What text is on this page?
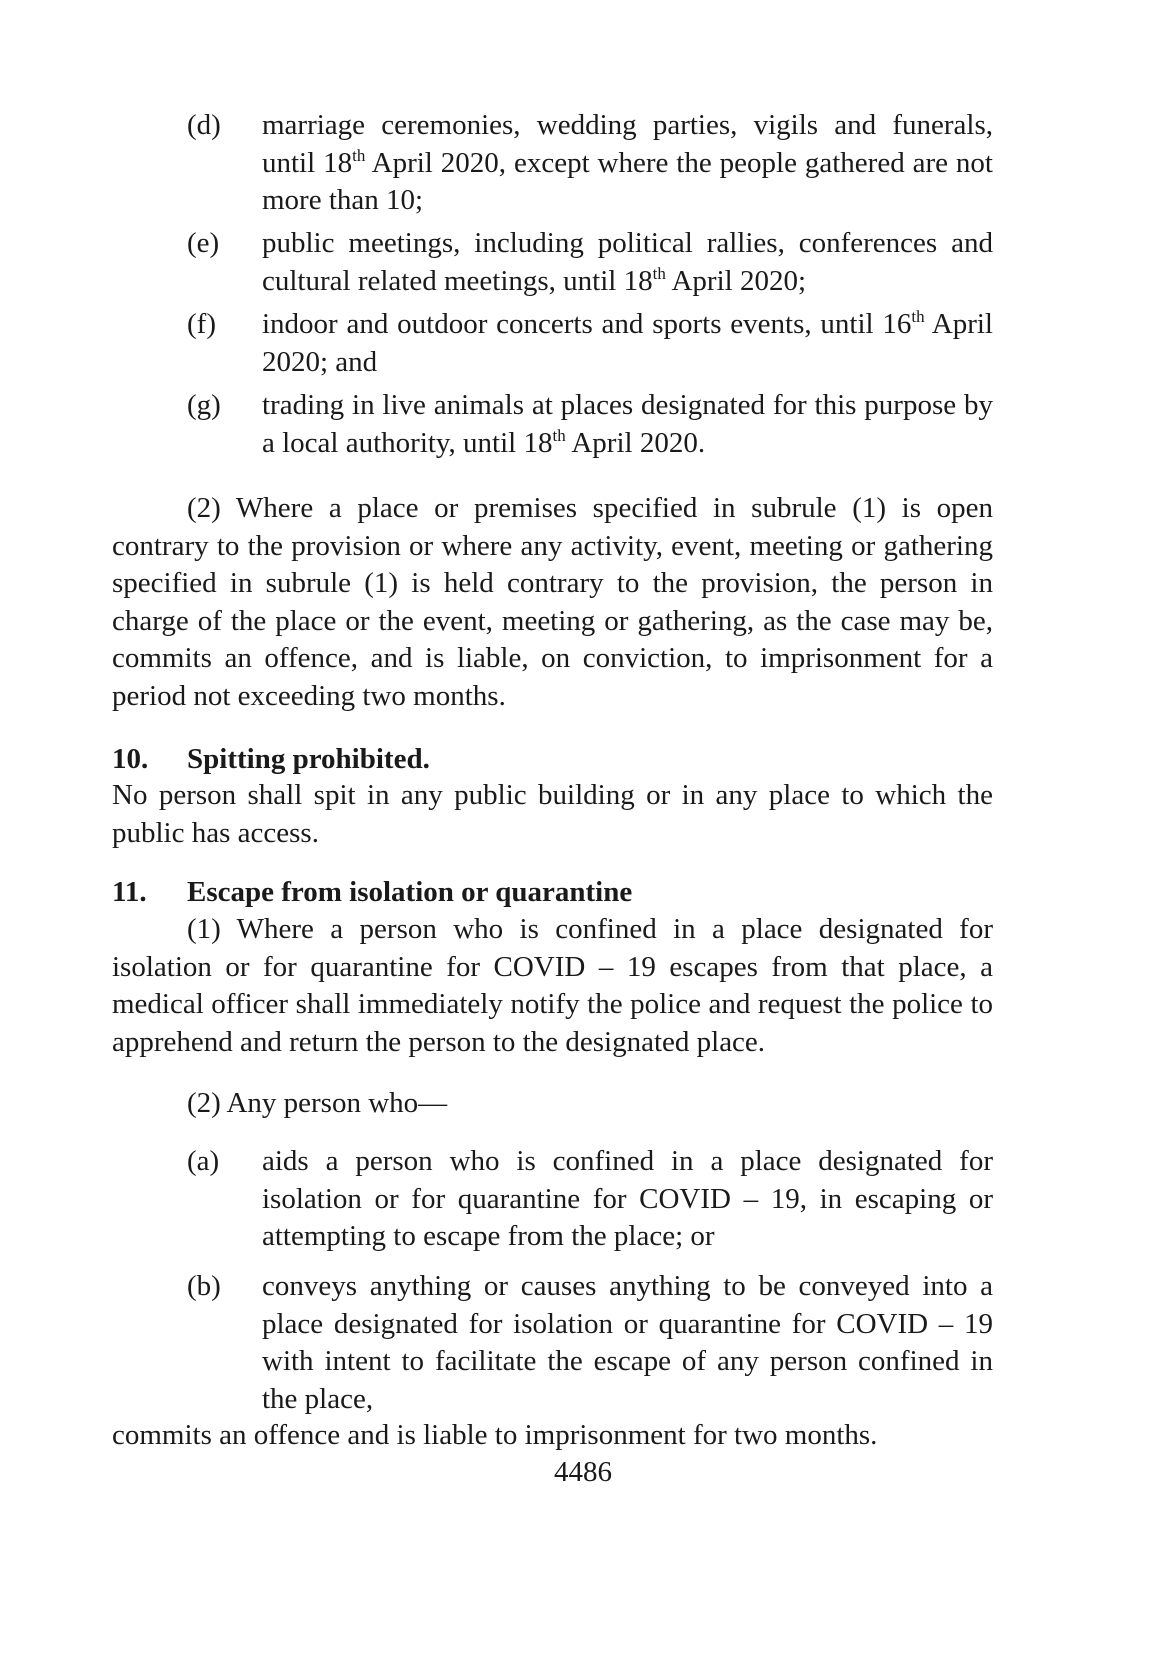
(d) marriage ceremonies, wedding parties, vigils and funerals, until 18th April 2020, except where the people gathered are not more than 10;
(e) public meetings, including political rallies, conferences and cultural related meetings, until 18th April 2020;
(f) indoor and outdoor concerts and sports events, until 16th April 2020; and
(g) trading in live animals at places designated for this purpose by a local authority, until 18th April 2020.
(2) Where a place or premises specified in subrule (1) is open contrary to the provision or where any activity, event, meeting or gathering specified in subrule (1) is held contrary to the provision, the person in charge of the place or the event, meeting or gathering, as the case may be, commits an offence, and is liable, on conviction, to imprisonment for a period not exceeding two months.
10. Spitting prohibited.
No person shall spit in any public building or in any place to which the public has access.
11. Escape from isolation or quarantine
(1) Where a person who is confined in a place designated for isolation or for quarantine for COVID – 19 escapes from that place, a medical officer shall immediately notify the police and request the police to apprehend and return the person to the designated place.
(2) Any person who—
(a) aids a person who is confined in a place designated for isolation or for quarantine for COVID – 19, in escaping or attempting to escape from the place; or
(b) conveys anything or causes anything to be conveyed into a place designated for isolation or quarantine for COVID – 19 with intent to facilitate the escape of any person confined in the place,
commits an offence and is liable to imprisonment for two months.
4486
